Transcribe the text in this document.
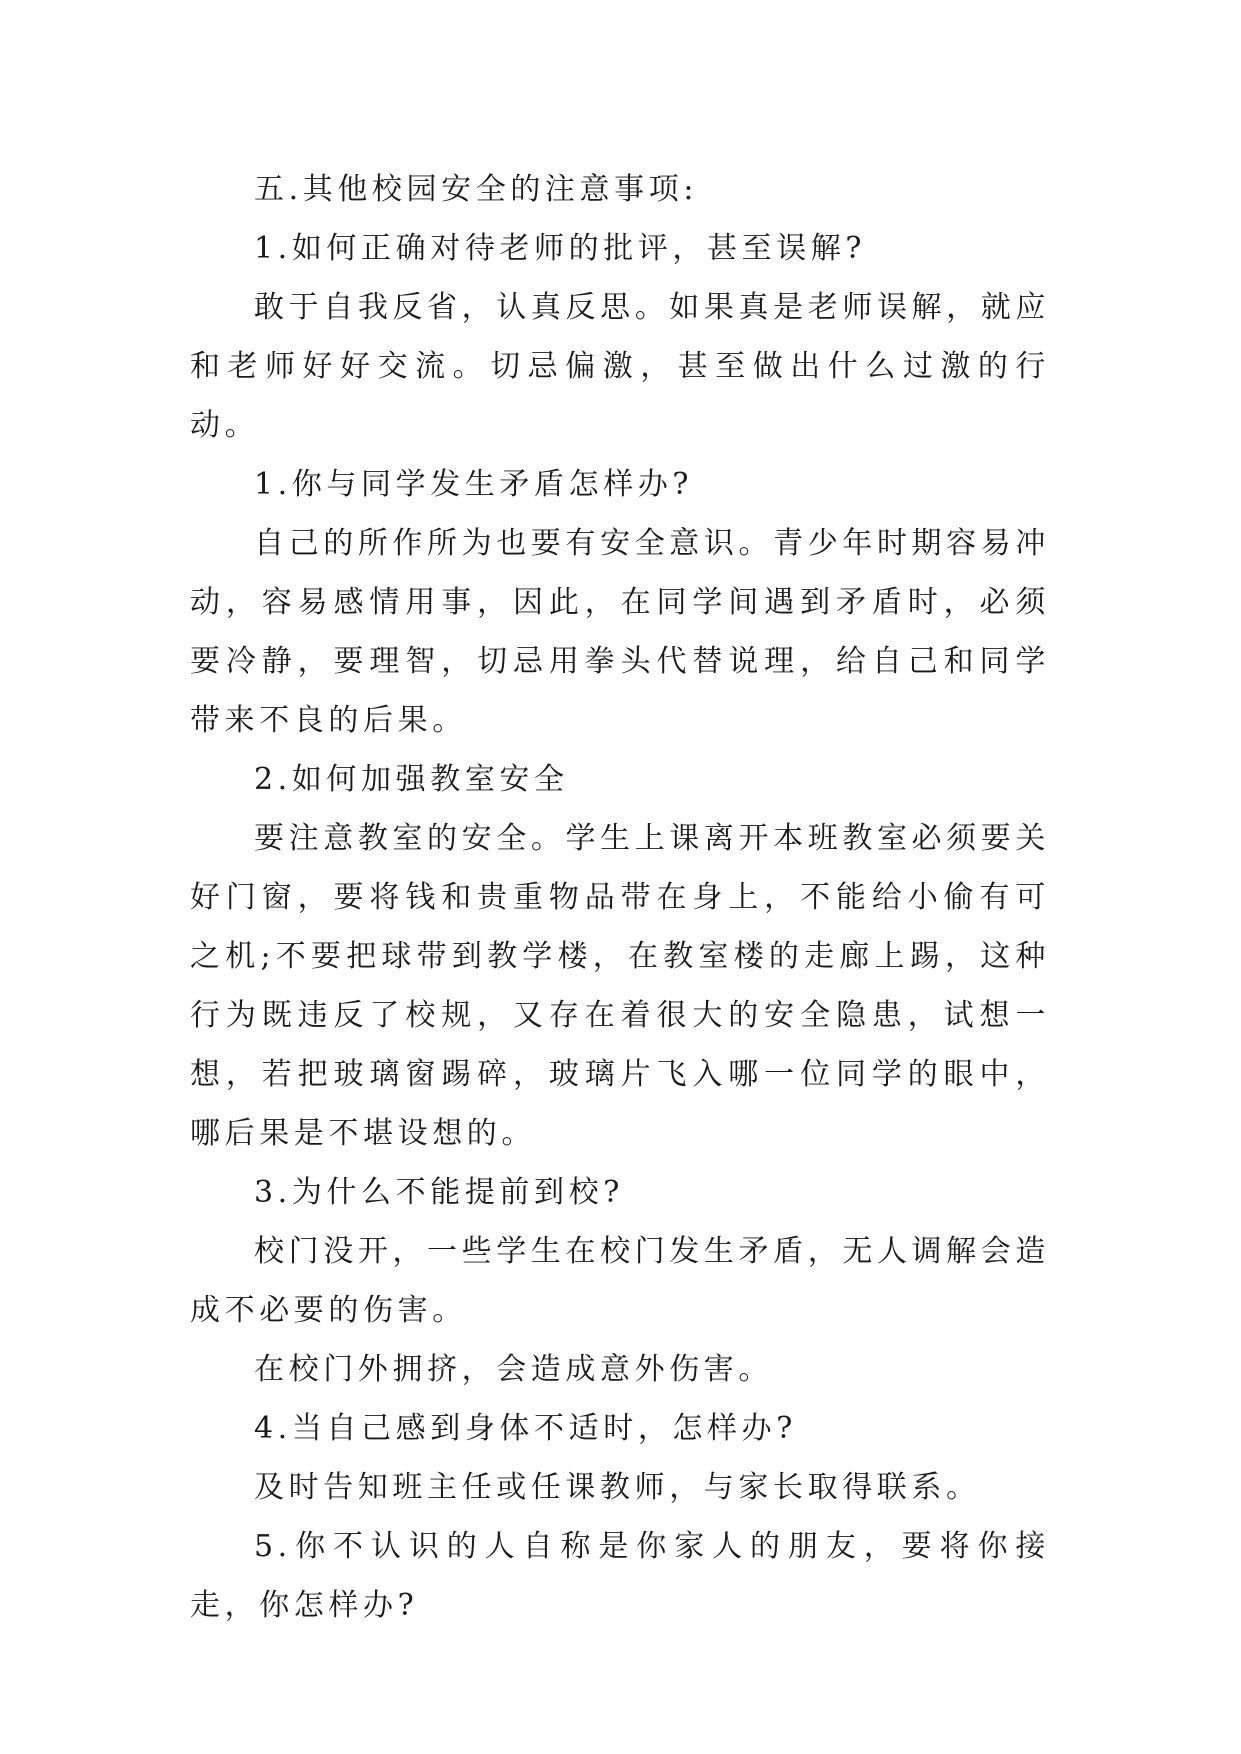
五.其他校园安全的注意事项:

1.如何正确对待老师的批评，甚至误解?

敢于自我反省，认真反思。如果真是老师误解，就应和老师好好交流。切忌偏激，甚至做出什么过激的行动。

1.你与同学发生矛盾怎样办?

自己的所作所为也要有安全意识。青少年时期容易冲动，容易感情用事，因此，在同学间遇到矛盾时，必须要冷静，要理智，切忌用拳头代替说理，给自己和同学带来不良的后果。

2.如何加强教室安全

要注意教室的安全。学生上课离开本班教室必须要关好门窗，要将钱和贵重物品带在身上，不能给小偷有可之机;不要把球带到教学楼，在教室楼的走廊上踢，这种行为既违反了校规，又存在着很大的安全隐患，试想一想，若把玻璃窗踢碎，玻璃片飞入哪一位同学的眼中，哪后果是不堪设想的。

3.为什么不能提前到校?

校门没开，一些学生在校门发生矛盾，无人调解会造成不必要的伤害。

在校门外拥挤，会造成意外伤害。

4.当自己感到身体不适时，怎样办?

及时告知班主任或任课教师，与家长取得联系。

5.你不认识的人自称是你家人的朋友，要将你接走，你怎样办?
